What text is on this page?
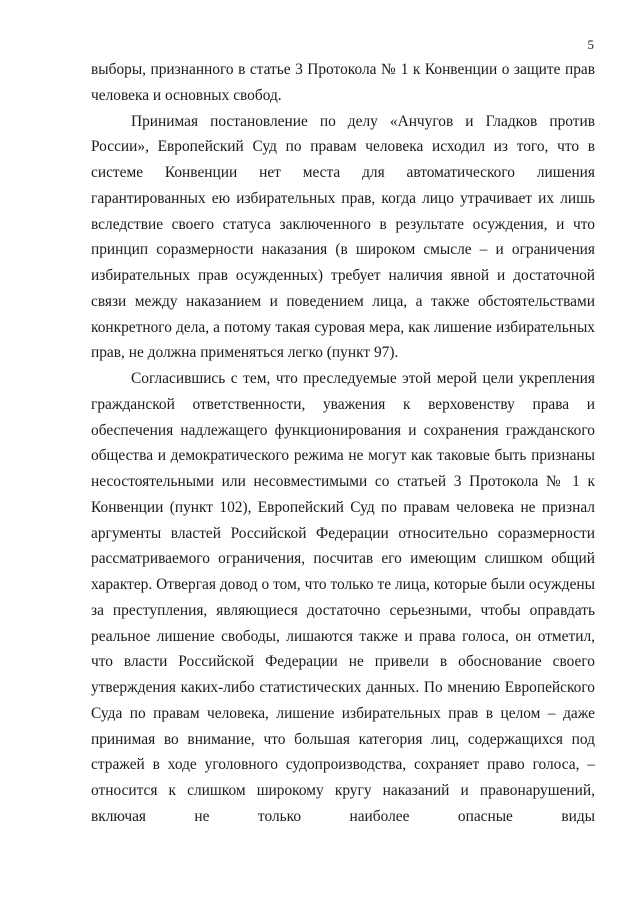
5

выборы, признанного в статье 3 Протокола № 1 к Конвенции о защите прав человека и основных свобод.

Принимая постановление по делу «Анчугов и Гладков против России», Европейский Суд по правам человека исходил из того, что в системе Конвенции нет места для автоматического лишения гарантированных ею избирательных прав, когда лицо утрачивает их лишь вследствие своего статуса заключенного в результате осуждения, и что принцип соразмерности наказания (в широком смысле – и ограничения избирательных прав осужденных) требует наличия явной и достаточной связи между наказанием и поведением лица, а также обстоятельствами конкретного дела, а потому такая суровая мера, как лишение избирательных прав, не должна применяться легко (пункт 97).

Согласившись с тем, что преследуемые этой мерой цели укрепления гражданской ответственности, уважения к верховенству права и обеспечения надлежащего функционирования и сохранения гражданского общества и демократического режима не могут как таковые быть признаны несостоятельными или несовместимыми со статьей 3 Протокола № 1 к Конвенции (пункт 102), Европейский Суд по правам человека не признал аргументы властей Российской Федерации относительно соразмерности рассматриваемого ограничения, посчитав его имеющим слишком общий характер. Отвергая довод о том, что только те лица, которые были осуждены за преступления, являющиеся достаточно серьезными, чтобы оправдать реальное лишение свободы, лишаются также и права голоса, он отметил, что власти Российской Федерации не привели в обоснование своего утверждения каких-либо статистических данных. По мнению Европейского Суда по правам человека, лишение избирательных прав в целом – даже принимая во внимание, что большая категория лиц, содержащихся под стражей в ходе уголовного судопроизводства, сохраняет право голоса, – относится к слишком широкому кругу наказаний и правонарушений, включая не только наиболее опасные виды
